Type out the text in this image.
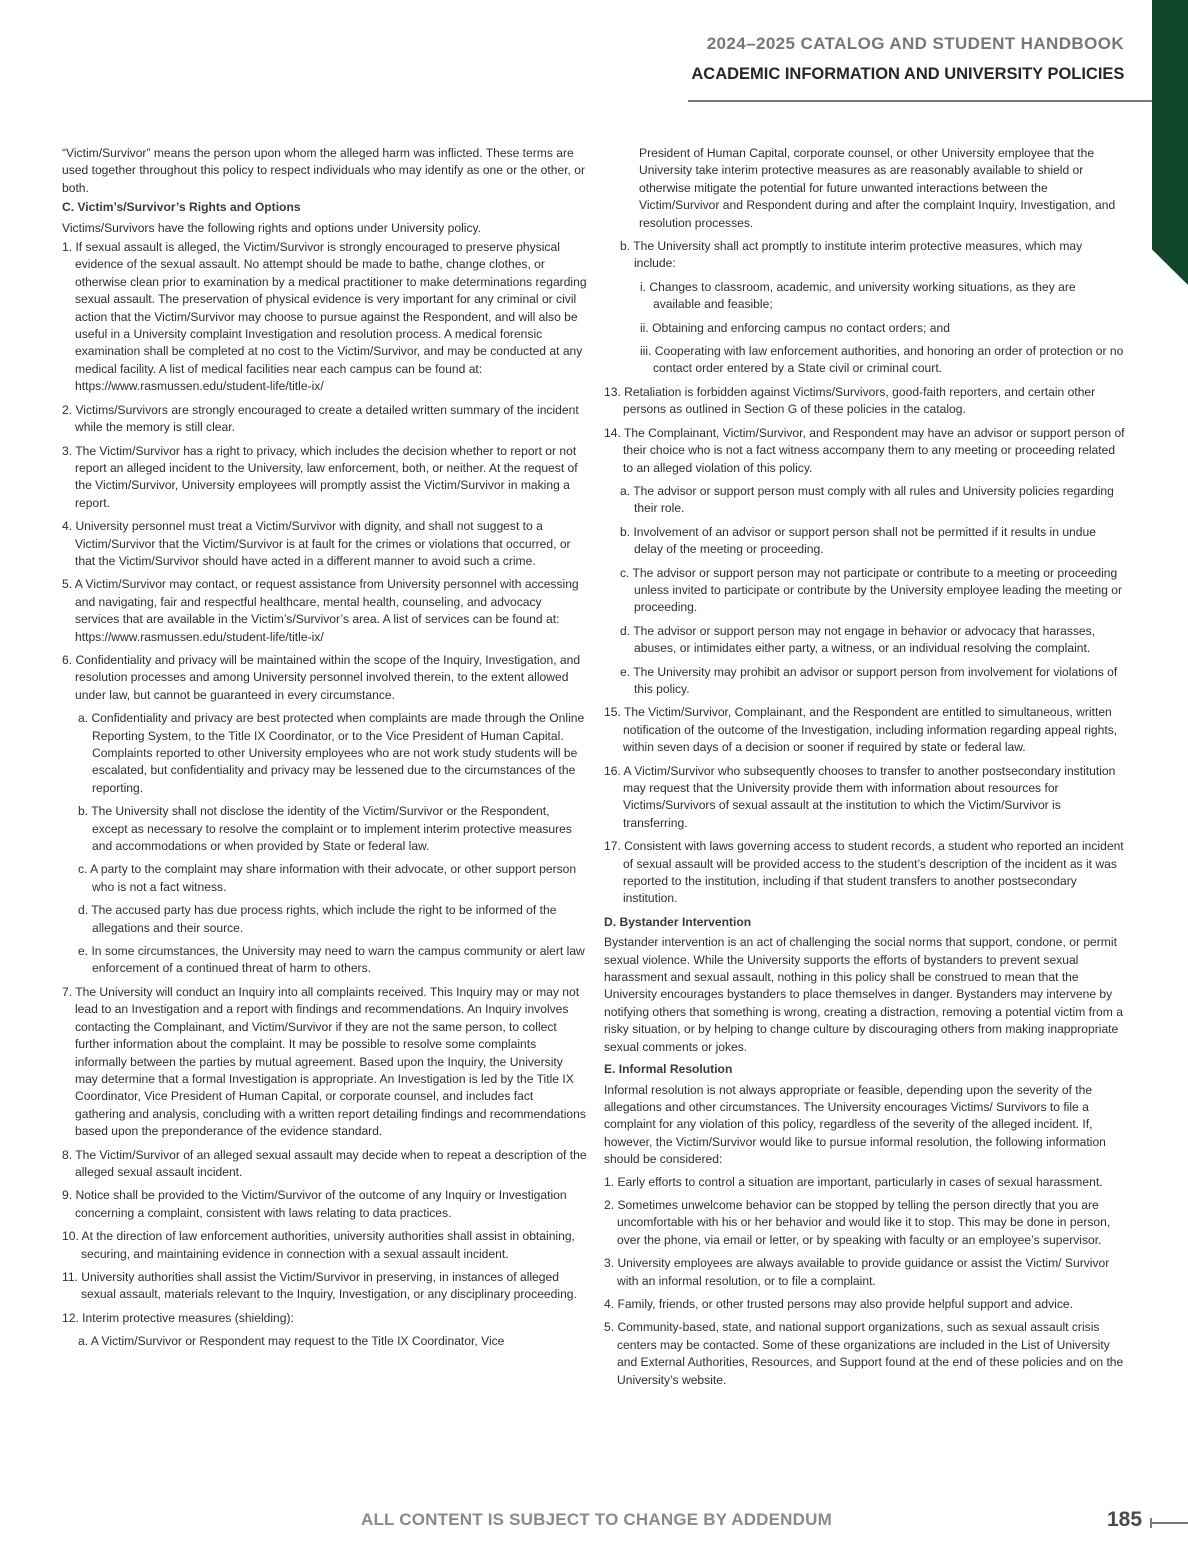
2024–2025 CATALOG AND STUDENT HANDBOOK
ACADEMIC INFORMATION AND UNIVERSITY POLICIES

“Victim/Survivor” means the person upon whom the alleged harm was inflicted. These terms are used together throughout this policy to respect individuals who may identify as one or the other, or both.

C. Victim’s/Survivor’s Rights and Options

Victims/Survivors have the following rights and options under University policy.

1. If sexual assault is alleged, the Victim/Survivor is strongly encouraged to preserve physical evidence of the sexual assault. No attempt should be made to bathe, change clothes, or otherwise clean prior to examination by a medical practitioner to make determinations regarding sexual assault. The preservation of physical evidence is very important for any criminal or civil action that the Victim/Survivor may choose to pursue against the Respondent, and will also be useful in a University complaint Investigation and resolution process. A medical forensic examination shall be completed at no cost to the Victim/Survivor, and may be conducted at any medical facility. A list of medical facilities near each campus can be found at: https://www.rasmussen.edu/student-life/title-ix/

2. Victims/Survivors are strongly encouraged to create a detailed written summary of the incident while the memory is still clear.

3. The Victim/Survivor has a right to privacy, which includes the decision whether to report or not report an alleged incident to the University, law enforcement, both, or neither. At the request of the Victim/Survivor, University employees will promptly assist the Victim/Survivor in making a report.

4. University personnel must treat a Victim/Survivor with dignity, and shall not suggest to a Victim/Survivor that the Victim/Survivor is at fault for the crimes or violations that occurred, or that the Victim/Survivor should have acted in a different manner to avoid such a crime.

5. A Victim/Survivor may contact, or request assistance from University personnel with accessing and navigating, fair and respectful healthcare, mental health, counseling, and advocacy services that are available in the Victim’s/Survivor’s area. A list of services can be found at: https://www.rasmussen.edu/student-life/title-ix/

6. Confidentiality and privacy will be maintained within the scope of the Inquiry, Investigation, and resolution processes and among University personnel involved therein, to the extent allowed under law, but cannot be guaranteed in every circumstance.

a. Confidentiality and privacy are best protected when complaints are made through the Online Reporting System, to the Title IX Coordinator, or to the Vice President of Human Capital. Complaints reported to other University employees who are not work study students will be escalated, but confidentiality and privacy may be lessened due to the circumstances of the reporting.

b. The University shall not disclose the identity of the Victim/Survivor or the Respondent, except as necessary to resolve the complaint or to implement interim protective measures and accommodations or when provided by State or federal law.

c. A party to the complaint may share information with their advocate, or other support person who is not a fact witness.

d. The accused party has due process rights, which include the right to be informed of the allegations and their source.

e. In some circumstances, the University may need to warn the campus community or alert law enforcement of a continued threat of harm to others.

7. The University will conduct an Inquiry into all complaints received. This Inquiry may or may not lead to an Investigation and a report with findings and recommendations. An Inquiry involves contacting the Complainant, and Victim/Survivor if they are not the same person, to collect further information about the complaint. It may be possible to resolve some complaints informally between the parties by mutual agreement. Based upon the Inquiry, the University may determine that a formal Investigation is appropriate. An Investigation is led by the Title IX Coordinator, Vice President of Human Capital, or corporate counsel, and includes fact gathering and analysis, concluding with a written report detailing findings and recommendations based upon the preponderance of the evidence standard.

8. The Victim/Survivor of an alleged sexual assault may decide when to repeat a description of the alleged sexual assault incident.

9. Notice shall be provided to the Victim/Survivor of the outcome of any Inquiry or Investigation concerning a complaint, consistent with laws relating to data practices.

10. At the direction of law enforcement authorities, university authorities shall assist in obtaining, securing, and maintaining evidence in connection with a sexual assault incident.

11. University authorities shall assist the Victim/Survivor in preserving, in instances of alleged sexual assault, materials relevant to the Inquiry, Investigation, or any disciplinary proceeding.

12. Interim protective measures (shielding):

a. A Victim/Survivor or Respondent may request to the Title IX Coordinator, Vice

President of Human Capital, corporate counsel, or other University employee that the University take interim protective measures as are reasonably available to shield or otherwise mitigate the potential for future unwanted interactions between the Victim/Survivor and Respondent during and after the complaint Inquiry, Investigation, and resolution processes.

b. The University shall act promptly to institute interim protective measures, which may include:

i. Changes to classroom, academic, and university working situations, as they are available and feasible;

ii. Obtaining and enforcing campus no contact orders; and

iii. Cooperating with law enforcement authorities, and honoring an order of protection or no contact order entered by a State civil or criminal court.

13. Retaliation is forbidden against Victims/Survivors, good-faith reporters, and certain other persons as outlined in Section G of these policies in the catalog.

14. The Complainant, Victim/Survivor, and Respondent may have an advisor or support person of their choice who is not a fact witness accompany them to any meeting or proceeding related to an alleged violation of this policy.

a. The advisor or support person must comply with all rules and University policies regarding their role.

b. Involvement of an advisor or support person shall not be permitted if it results in undue delay of the meeting or proceeding.

c. The advisor or support person may not participate or contribute to a meeting or proceeding unless invited to participate or contribute by the University employee leading the meeting or proceeding.

d. The advisor or support person may not engage in behavior or advocacy that harasses, abuses, or intimidates either party, a witness, or an individual resolving the complaint.

e. The University may prohibit an advisor or support person from involvement for violations of this policy.

15. The Victim/Survivor, Complainant, and the Respondent are entitled to simultaneous, written notification of the outcome of the Investigation, including information regarding appeal rights, within seven days of a decision or sooner if required by state or federal law.

16. A Victim/Survivor who subsequently chooses to transfer to another postsecondary institution may request that the University provide them with information about resources for Victims/Survivors of sexual assault at the institution to which the Victim/Survivor is transferring.

17. Consistent with laws governing access to student records, a student who reported an incident of sexual assault will be provided access to the student’s description of the incident as it was reported to the institution, including if that student transfers to another postsecondary institution.

D. Bystander Intervention

Bystander intervention is an act of challenging the social norms that support, condone, or permit sexual violence. While the University supports the efforts of bystanders to prevent sexual harassment and sexual assault, nothing in this policy shall be construed to mean that the University encourages bystanders to place themselves in danger. Bystanders may intervene by notifying others that something is wrong, creating a distraction, removing a potential victim from a risky situation, or by helping to change culture by discouraging others from making inappropriate sexual comments or jokes.

E. Informal Resolution

Informal resolution is not always appropriate or feasible, depending upon the severity of the allegations and other circumstances. The University encourages Victims/ Survivors to file a complaint for any violation of this policy, regardless of the severity of the alleged incident. If, however, the Victim/Survivor would like to pursue informal resolution, the following information should be considered:

1. Early efforts to control a situation are important, particularly in cases of sexual harassment.

2. Sometimes unwelcome behavior can be stopped by telling the person directly that you are uncomfortable with his or her behavior and would like it to stop. This may be done in person, over the phone, via email or letter, or by speaking with faculty or an employee’s supervisor.

3. University employees are always available to provide guidance or assist the Victim/ Survivor with an informal resolution, or to file a complaint.

4. Family, friends, or other trusted persons may also provide helpful support and advice.

5. Community-based, state, and national support organizations, such as sexual assault crisis centers may be contacted. Some of these organizations are included in the List of University and External Authorities, Resources, and Support found at the end of these policies and on the University’s website.

ALL CONTENT IS SUBJECT TO CHANGE BY ADDENDUM	185
